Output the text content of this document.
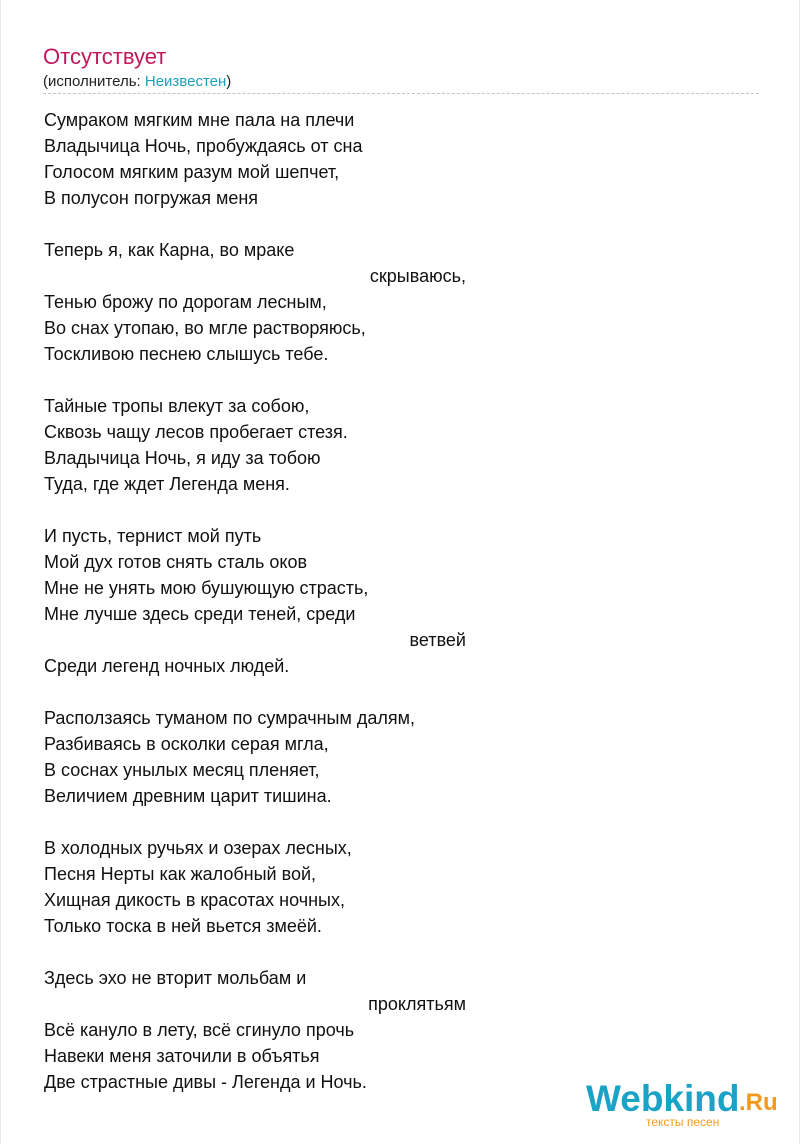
Отсутствует
(исполнитель: Неизвестен)
Сумраком мягким мне пала на плечи
Владычица Ночь, пробуждаясь от сна
Голосом мягким разум мой шепчет,
В полусон погружая меня
Теперь я, как Карна, во мраке
скрываюсь,
Тенью брожу по дорогам лесным,
Во снах утопаю, во мгле растворяюсь,
Тоскливою песнею слышусь тебе.
Тайные тропы влекут за собою,
Сквозь чащу лесов пробегает стезя.
Владычица Ночь, я иду за тобою
Туда, где ждет Легенда меня.
И пусть, тернист мой путь
Мой дух готов снять сталь оков
Мне не унять мою бушующую страсть,
Мне лучше здесь среди теней, среди
ветвей
Среди легенд ночных людей.
Расползаясь туманом по сумрачным далям,
Разбиваясь в осколки серая мгла,
В соснах унылых месяц пленяет,
Величием древним царит тишина.
В холодных ручьях и озерах лесных,
Песня Нерты как жалобный вой,
Хищная дикость в красотах ночных,
Только тоска в ней вьется змеёй.
Здесь эхо не вторит мольбам и
проклятьям
Всё кануло в лету, всё сгинуло прочь
Навеки меня заточили в объятья
Две страстные дивы - Легенда и Ночь.	Webkind .Ru
тексты песен
